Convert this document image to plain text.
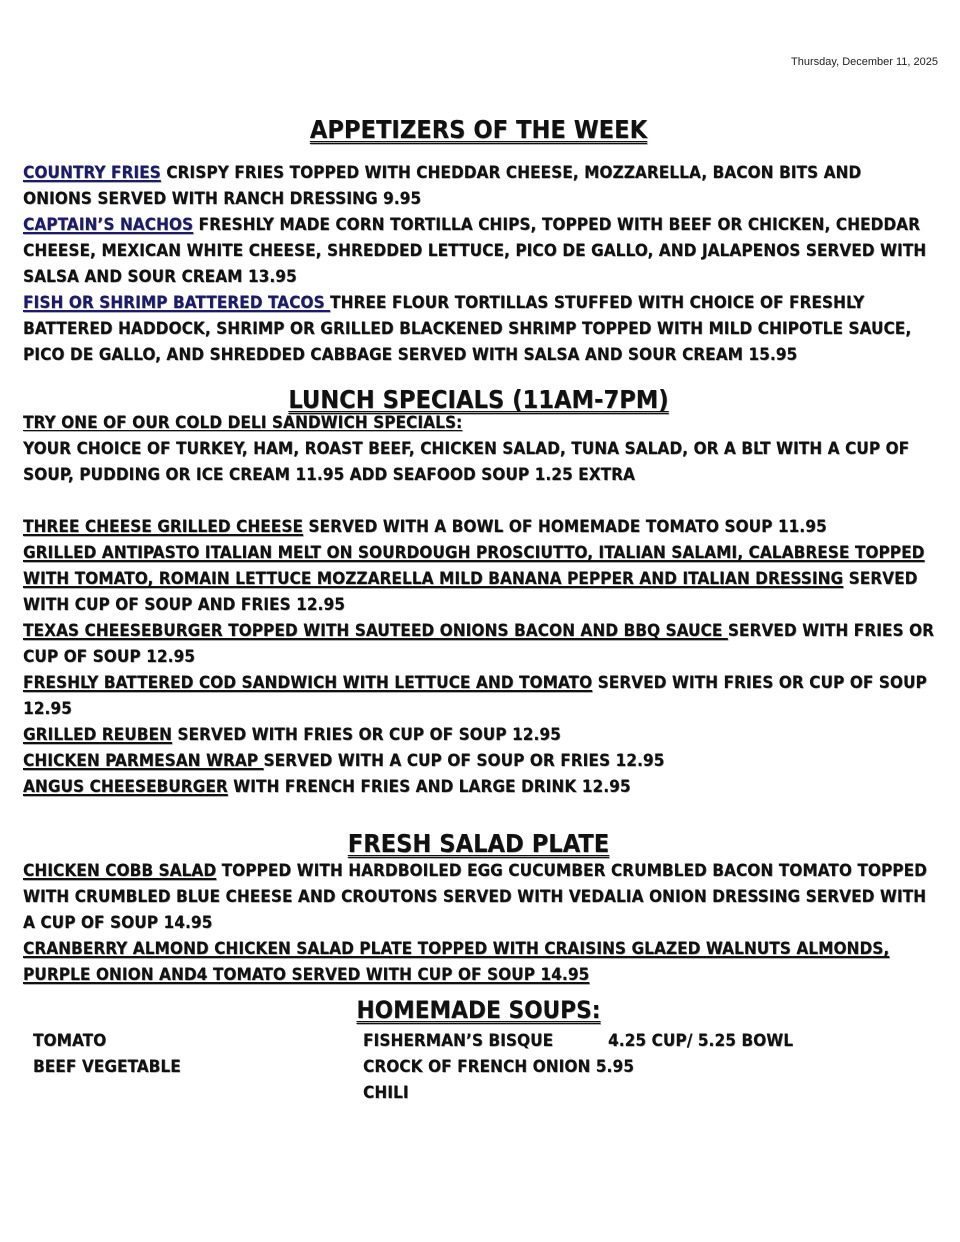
Thursday, December 11, 2025
APPETIZERS OF THE WEEK

COUNTRY FRIES CRISPY FRIES TOPPED WITH CHEDDAR CHEESE, MOZZARELLA, BACON BITS AND ONIONS SERVED WITH RANCH DRESSING 9.95

CAPTAIN’S NACHOS FRESHLY MADE CORN TORTILLA CHIPS, TOPPED WITH BEEF OR CHICKEN, CHEDDAR CHEESE, MEXICAN WHITE CHEESE, SHREDDED LETTUCE, PICO DE GALLO, AND JALAPENOS SERVED WITH SALSA AND SOUR CREAM 13.95

FISH OR SHRIMP BATTERED TACOS THREE FLOUR TORTILLAS STUFFED WITH CHOICE OF FRESHLY BATTERED HADDOCK, SHRIMP OR GRILLED BLACKENED SHRIMP TOPPED WITH MILD CHIPOTLE SAUCE, PICO DE GALLO, AND SHREDDED CABBAGE SERVED WITH SALSA AND SOUR CREAM 15.95

LUNCH SPECIALS (11AM-7PM)

TRY ONE OF OUR COLD DELI SANDWICH SPECIALS:

YOUR CHOICE OF TURKEY, HAM, ROAST BEEF, CHICKEN SALAD, TUNA SALAD, OR A BLT WITH A CUP OF SOUP, PUDDING OR ICE CREAM 11.95 ADD SEAFOOD SOUP 1.25 EXTRA

THREE CHEESE GRILLED CHEESE SERVED WITH A BOWL OF HOMEMADE TOMATO SOUP 11.95

GRILLED ANTIPASTO ITALIAN MELT ON SOURDOUGH PROSCIUTTO, ITALIAN SALAMI, CALABRESE TOPPED WITH TOMATO, ROMAIN LETTUCE MOZZARELLA MILD BANANA PEPPER AND ITALIAN DRESSING SERVED WITH CUP OF SOUP AND FRIES 12.95

TEXAS CHEESEBURGER TOPPED WITH SAUTEED ONIONS BACON AND BBQ SAUCE SERVED WITH FRIES OR CUP OF SOUP 12.95

FRESHLY BATTERED COD SANDWICH WITH LETTUCE AND TOMATO SERVED WITH FRIES OR CUP OF SOUP 12.95

GRILLED REUBEN SERVED WITH FRIES OR CUP OF SOUP 12.95

CHICKEN PARMESAN WRAP SERVED WITH A CUP OF SOUP OR FRIES 12.95

ANGUS CHEESEBURGER WITH FRENCH FRIES AND LARGE DRINK 12.95

FRESH SALAD PLATE

CHICKEN COBB SALAD TOPPED WITH HARDBOILED EGG CUCUMBER CRUMBLED BACON TOMATO TOPPED WITH CRUMBLED BLUE CHEESE AND CROUTONS SERVED WITH VEDALIA ONION DRESSING SERVED WITH A CUP OF SOUP 14.95

CRANBERRY ALMOND CHICKEN SALAD PLATE TOPPED WITH CRAISINS GLAZED WALNUTS ALMONDS, PURPLE ONION AND4 TOMATO SERVED WITH CUP OF SOUP 14.95

HOMEMADE SOUPS:
TOMATO
BEEF VEGETABLE
FISHERMAN’S BISQUE
CROCK OF FRENCH ONION 5.95
CHILI
4.25 CUP/ 5.25 BOWL
